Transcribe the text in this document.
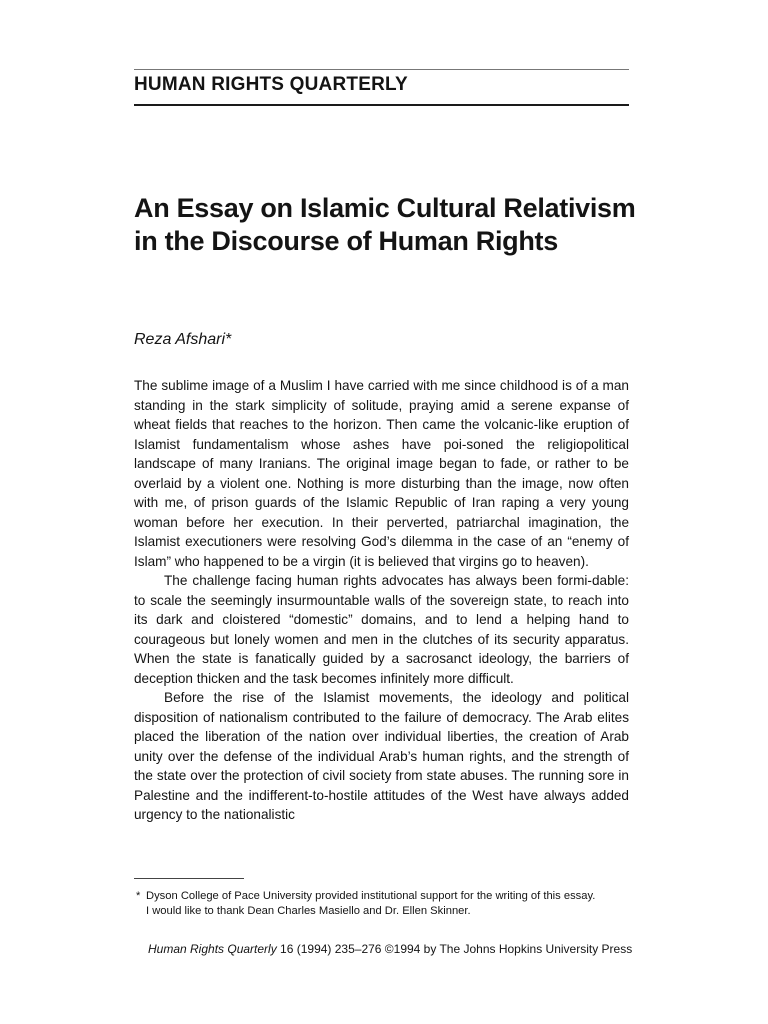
HUMAN RIGHTS QUARTERLY
An Essay on Islamic Cultural Relativism
in the Discourse of Human Rights
Reza Afshari*

The sublime image of a Muslim I have carried with me since childhood is of a man standing in the stark simplicity of solitude, praying amid a serene expanse of wheat fields that reaches to the horizon. Then came the volcanic-like eruption of Islamist fundamentalism whose ashes have poi-soned the religiopolitical landscape of many Iranians. The original image began to fade, or rather to be overlaid by a violent one. Nothing is more disturbing than the image, now often with me, of prison guards of the Islamic Republic of Iran raping a very young woman before her execution. In their perverted, patriarchal imagination, the Islamist executioners were resolving God’s dilemma in the case of an “enemy of Islam” who happened to be a virgin (it is believed that virgins go to heaven).

The challenge facing human rights advocates has always been formi-dable: to scale the seemingly insurmountable walls of the sovereign state, to reach into its dark and cloistered “domestic” domains, and to lend a helping hand to courageous but lonely women and men in the clutches of its security apparatus. When the state is fanatically guided by a sacrosanct ideology, the barriers of deception thicken and the task becomes infinitely more difficult.

Before the rise of the Islamist movements, the ideology and political disposition of nationalism contributed to the failure of democracy. The Arab elites placed the liberation of the nation over individual liberties, the creation of Arab unity over the defense of the individual Arab’s human rights, and the strength of the state over the protection of civil society from state abuses. The running sore in Palestine and the indifferent-to-hostile attitudes of the West have always added urgency to the nationalistic

* Dyson College of Pace University provided institutional support for the writing of this essay.
I would like to thank Dean Charles Masiello and Dr. Ellen Skinner.
Human Rights Quarterly 16 (1994) 235–276 ©1994 by The Johns Hopkins University Press
